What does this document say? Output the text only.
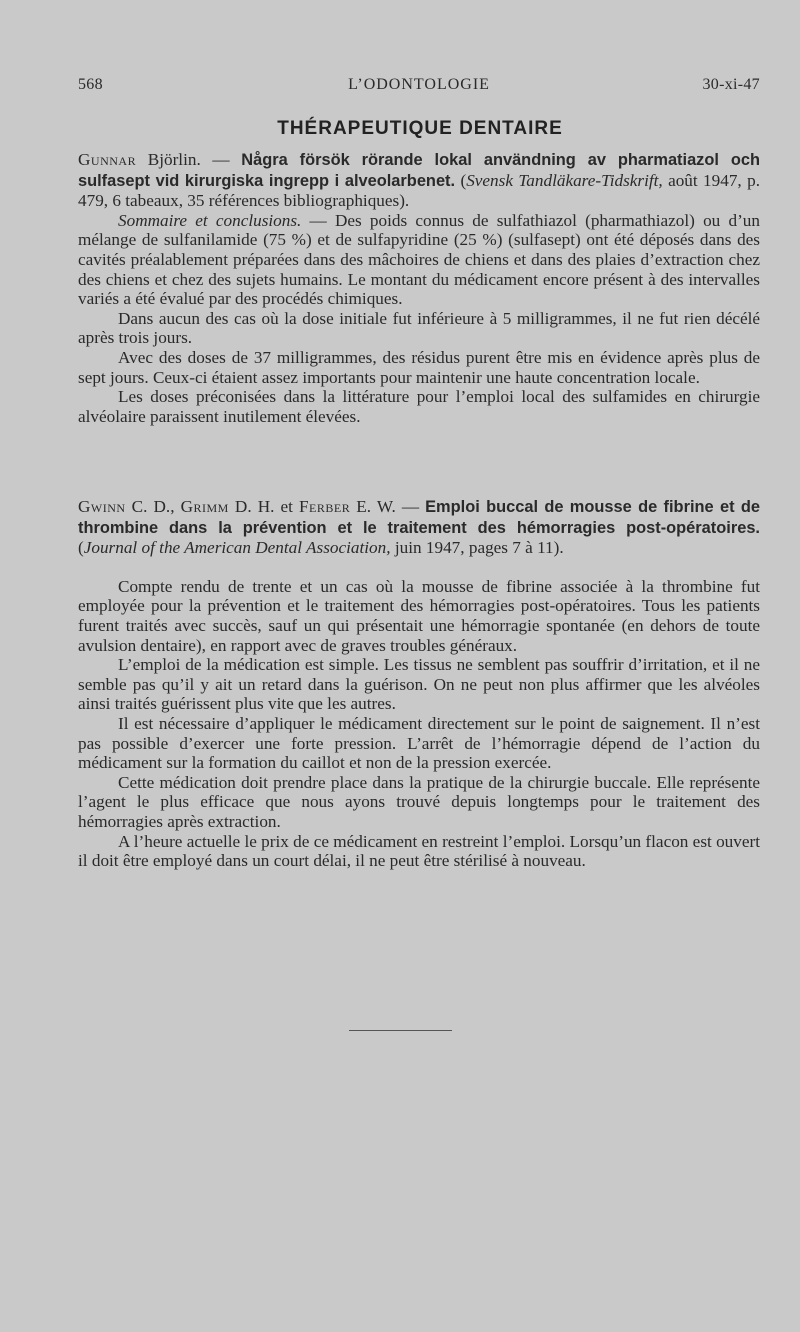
568	L’ODONTOLOGIE	30-xi-47
THÉRAPEUTIQUE DENTAIRE

Gunnar Björlin. — Några försök rörande lokal användning av pharmatiazol och sulfasept vid kirurgiska ingrepp i alveolarbenet. (Svensk Tandläkare-Tidskrift, août 1947, p. 479, 6 tabeaux, 35 références bibliographiques).

Sommaire et conclusions. — Des poids connus de sulfathiazol (pharmathiazol) ou d’un mélange de sulfanilamide (75 %) et de sulfapyridine (25 %) (sulfasept) ont été déposés dans des cavités préalablement préparées dans des mâchoires de chiens et dans des plaies d’extraction chez des chiens et chez des sujets humains. Le montant du médicament encore présent à des intervalles variés a été évalué par des procédés chimiques.

Dans aucun des cas où la dose initiale fut inférieure à 5 milligrammes, il ne fut rien décélé après trois jours.

Avec des doses de 37 milligrammes, des résidus purent être mis en évidence après plus de sept jours. Ceux-ci étaient assez importants pour maintenir une haute concentration locale.

Les doses préconisées dans la littérature pour l’emploi local des sulfamides en chirurgie alvéolaire paraissent inutilement élevées.

Gwinn C. D., Grimm D. H. et Ferber E. W. — Emploi buccal de mousse de fibrine et de thrombine dans la prévention et le traitement des hémorragies post-opératoires. (Journal of the American Dental Association, juin 1947, pages 7 à 11).

Compte rendu de trente et un cas où la mousse de fibrine associée à la thrombine fut employée pour la prévention et le traitement des hémorragies post-opératoires. Tous les patients furent traités avec succès, sauf un qui présentait une hémorragie spontanée (en dehors de toute avulsion dentaire), en rapport avec de graves troubles généraux.

L’emploi de la médication est simple. Les tissus ne semblent pas souffrir d’irritation, et il ne semble pas qu’il y ait un retard dans la guérison. On ne peut non plus affirmer que les alvéoles ainsi traités guérissent plus vite que les autres.

Il est nécessaire d’appliquer le médicament directement sur le point de saignement. Il n’est pas possible d’exercer une forte pression. L’arrêt de l’hémorragie dépend de l’action du médicament sur la formation du caillot et non de la pression exercée.

Cette médication doit prendre place dans la pratique de la chirurgie buccale. Elle représente l’agent le plus efficace que nous ayons trouvé depuis longtemps pour le traitement des hémorragies après extraction.

A l’heure actuelle le prix de ce médicament en restreint l’emploi. Lorsqu’un flacon est ouvert il doit être employé dans un court délai, il ne peut être stérilisé à nouveau.
